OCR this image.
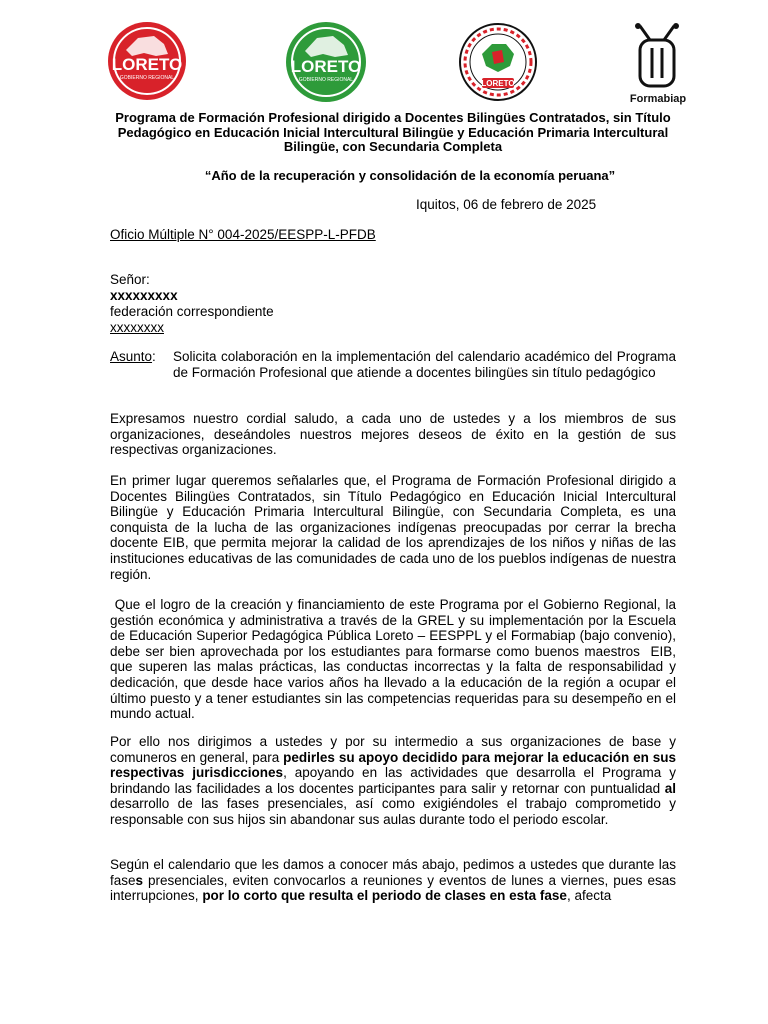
LORETO
GOBIERNO REGIONAL
LORETO
GOBIERNO REGIONAL	LORETO
Formabiap
Programa de Formación Profesional dirigido a Docentes Bilingües Contratados, sin Título Pedagógico en Educación Inicial Intercultural Bilingüe y Educación Primaria Intercultural Bilingüe, con Secundaria Completa
“Año de la recuperación y consolidación de la economía peruana”
Iquitos, 06 de febrero de 2025
Oficio Múltiple N° 004-2025/EESPP-L-PFDB
Señor:
xxxxxxxxx
federación correspondiente
xxxxxxxx
Asunto: Solicita colaboración en la implementación del calendario académico del Programa de Formación Profesional que atiende a docentes bilingües sin título pedagógico

Expresamos nuestro cordial saludo, a cada uno de ustedes y a los miembros de sus organizaciones, deseándoles nuestros mejores deseos de éxito en la gestión de sus respectivas organizaciones.

En primer lugar queremos señalarles que, el Programa de Formación Profesional dirigido a Docentes Bilingües Contratados, sin Título Pedagógico en Educación Inicial Intercultural Bilingüe y Educación Primaria Intercultural Bilingüe, con Secundaria Completa, es una conquista de la lucha de las organizaciones indígenas preocupadas por cerrar la brecha docente EIB, que permita mejorar la calidad de los aprendizajes de los niños y niñas de las instituciones educativas de las comunidades de cada uno de los pueblos indígenas de nuestra región.

Que el logro de la creación y financiamiento de este Programa por el Gobierno Regional, la gestión económica y administrativa a través de la GREL y su implementación por la Escuela de Educación Superior Pedagógica Pública Loreto – EESPPL y el Formabiap (bajo convenio), debe ser bien aprovechada por los estudiantes para formarse como buenos maestros  EIB, que superen las malas prácticas, las conductas incorrectas y la falta de responsabilidad y dedicación, que desde hace varios años ha llevado a la educación de la región a ocupar el último puesto y a tener estudiantes sin las competencias requeridas para su desempeño en el mundo actual.

Por ello nos dirigimos a ustedes y por su intermedio a sus organizaciones de base y comuneros en general, para pedirles su apoyo decidido para mejorar la educación en sus respectivas jurisdicciones, apoyando en las actividades que desarrolla el Programa y brindando las facilidades a los docentes participantes para salir y retornar con puntualidad al desarrollo de las fases presenciales, así como exigiéndoles el trabajo comprometido y responsable con sus hijos sin abandonar sus aulas durante todo el periodo escolar.

Según el calendario que les damos a conocer más abajo, pedimos a ustedes que durante las fases presenciales, eviten convocarlos a reuniones y eventos de lunes a viernes, pues esas interrupciones, por lo corto que resulta el periodo de clases en esta fase, afecta
